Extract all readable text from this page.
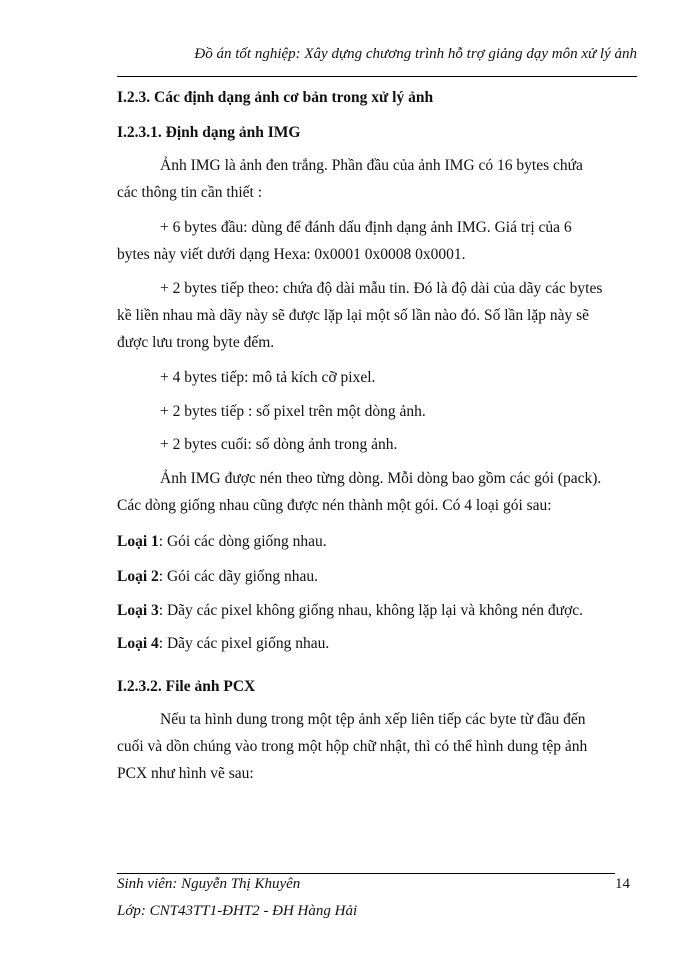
Đồ án tốt nghiệp: Xây dựng chương trình hỗ trợ giảng dạy môn xử lý ảnh
I.2.3. Các định dạng ảnh cơ bản trong xử lý ảnh
I.2.3.1. Định dạng ảnh IMG
Ảnh IMG là ảnh đen trắng. Phần đầu của ảnh IMG có 16 bytes chứa
các thông tin cần thiết :
+ 6 bytes đầu: dùng để đánh dấu định dạng ảnh IMG. Giá trị của 6
bytes này viết dưới dạng Hexa: 0x0001 0x0008 0x0001.
+ 2 bytes tiếp theo: chứa độ dài mẫu tin. Đó là độ dài của dãy các bytes
kề liền nhau mà dãy này sẽ được lặp lại một số lần nào đó. Số lần lặp này sẽ
được lưu trong byte đếm.
+ 4 bytes tiếp: mô tả kích cỡ pixel.
+ 2 bytes tiếp : số pixel trên một dòng ảnh.
+ 2 bytes cuối: số dòng ảnh trong ảnh.
Ảnh IMG được nén theo từng dòng. Mỗi dòng bao gồm các gói (pack).
Các dòng giống nhau cũng được nén thành một gói. Có 4 loại gói sau:
Loại 1: Gói các dòng giống nhau.
Loại 2: Gói các dãy giống nhau.
Loại 3: Dãy các pixel không giống nhau, không lặp lại và không nén được.
Loại 4: Dãy các pixel giống nhau.
I.2.3.2. File ảnh PCX
Nếu ta hình dung trong một tệp ảnh xếp liên tiếp các byte từ đầu đến
cuối và dồn chúng vào trong một hộp chữ nhật, thì có thể hình dung tệp ảnh
PCX như hình vẽ sau:
Sinh viên: Nguyễn Thị Khuyên	14
Lớp: CNT43TT1-ĐHT2 - ĐH Hàng Hải
